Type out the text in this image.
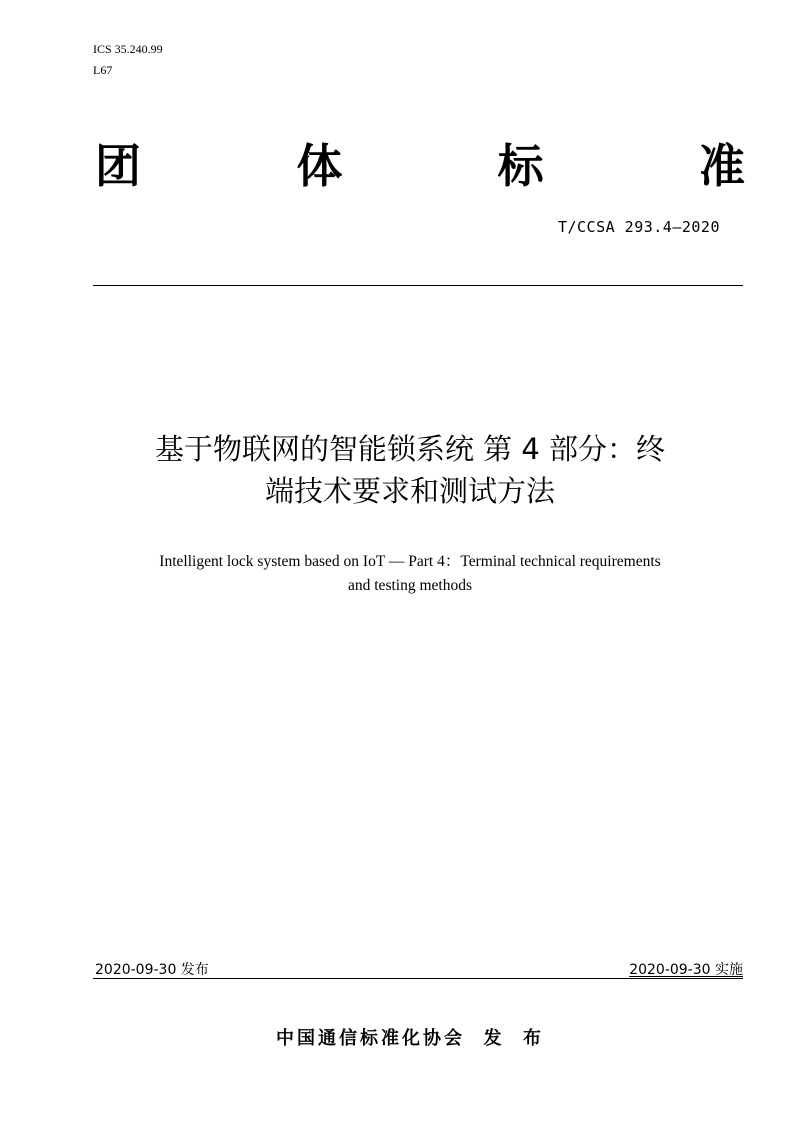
ICS 35.240.99
L67
团	体	标	准
T/CCSA 293.4—2020
基于物联网的智能锁系统 第 4 部分：终
端技术要求和测试方法
Intelligent lock system based on IoT — Part 4：Terminal technical requirements
and testing methods
2020-09-30 发布	2020-09-30 实施
中国通信标准化协会  发  布
